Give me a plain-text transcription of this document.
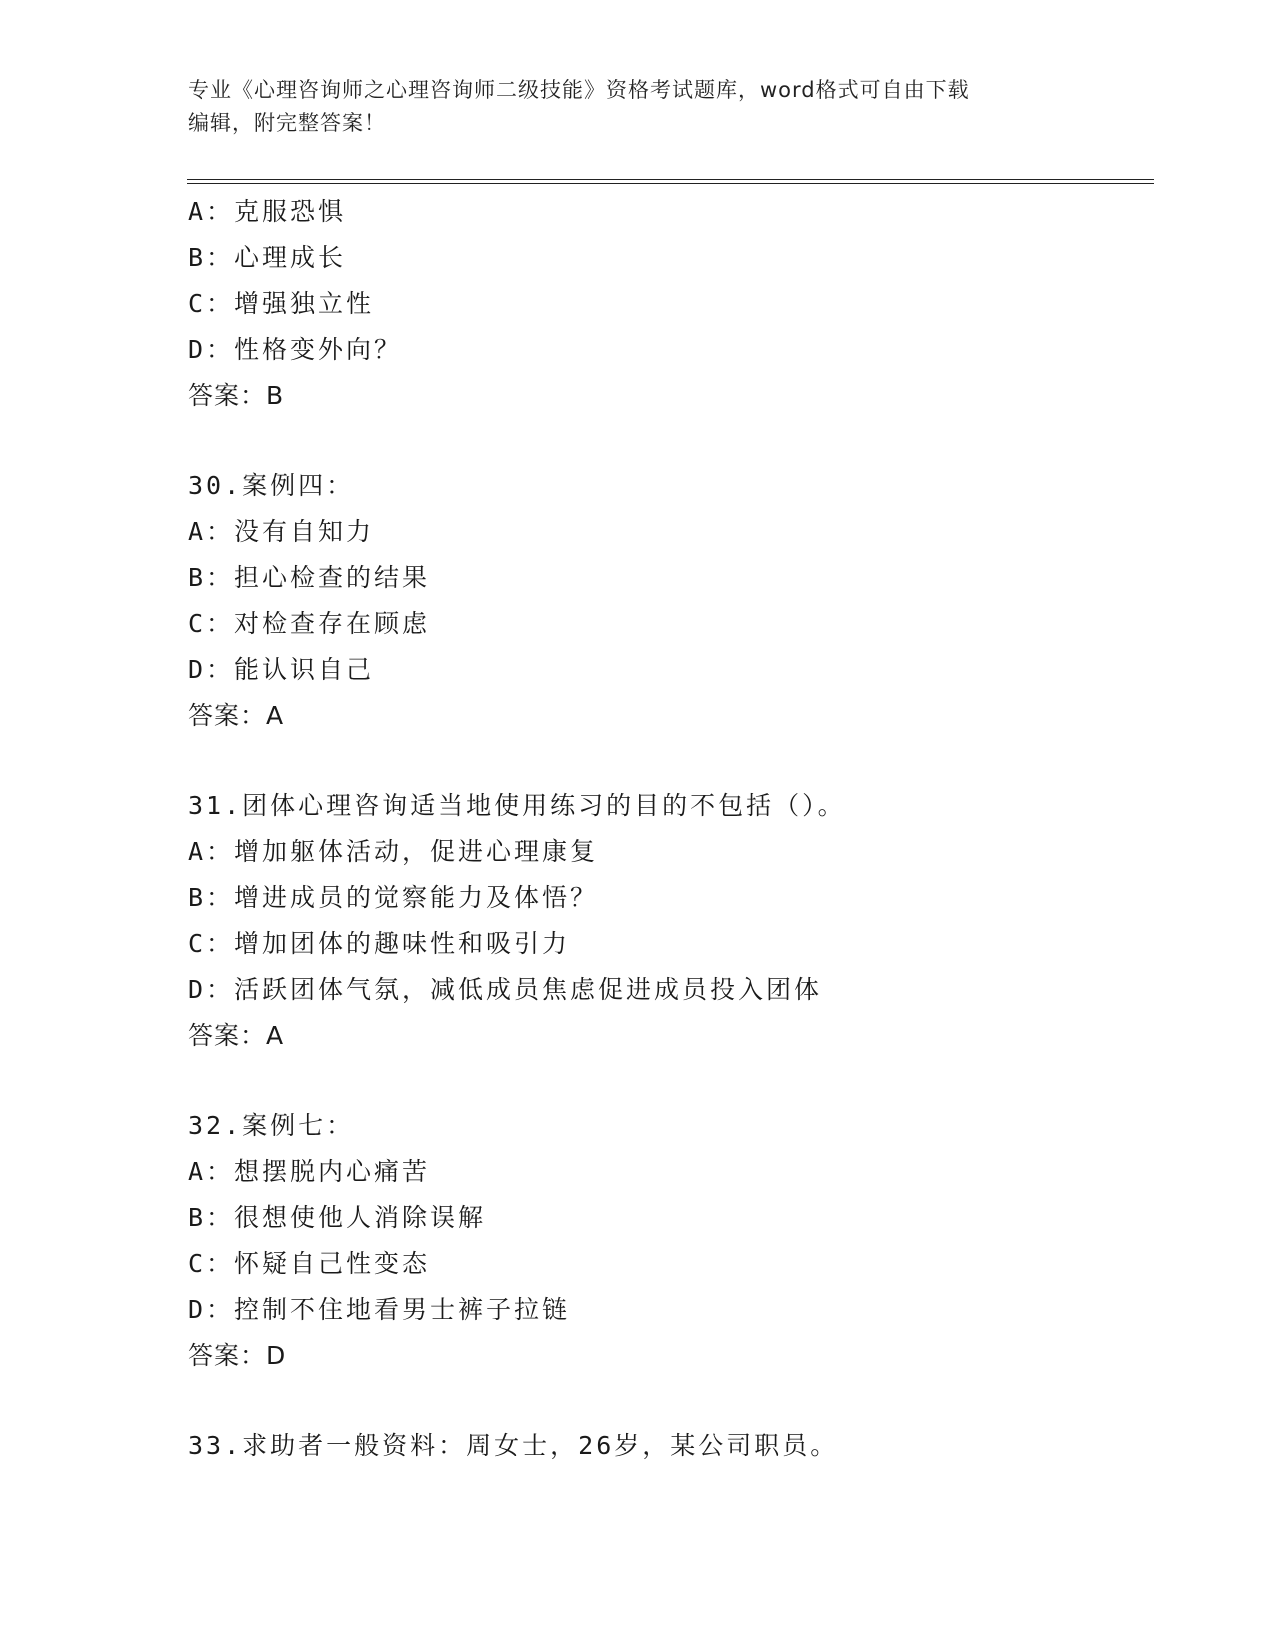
专业《心理咨询师之心理咨询师二级技能》资格考试题库，word格式可自由下载
编辑，附完整答案！
A：克服恐惧
B：心理成长
C：增强独立性
D：性格变外向？
答案：B
30.案例四：
A：没有自知力
B：担心检查的结果
C：对检查存在顾虑
D：能认识自己
答案：A
31.团体心理咨询适当地使用练习的目的不包括（）。
A：增加躯体活动，促进心理康复
B：增进成员的觉察能力及体悟？
C：增加团体的趣味性和吸引力
D：活跃团体气氛，减低成员焦虑促进成员投入团体
答案：A
32.案例七：
A：想摆脱内心痛苦
B：很想使他人消除误解
C：怀疑自己性变态
D：控制不住地看男士裤子拉链
答案：D
33.求助者一般资料：周女士，26岁，某公司职员。
